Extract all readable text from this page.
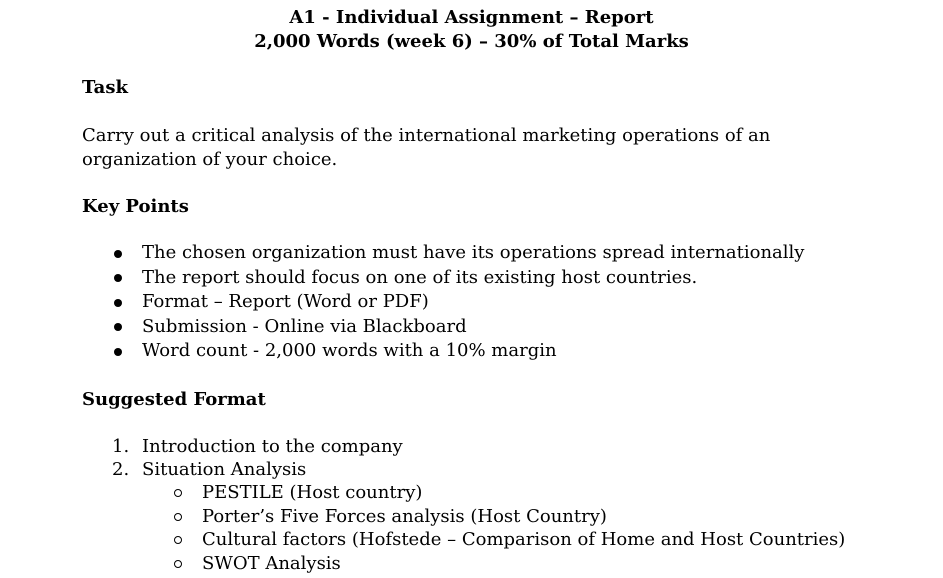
A1 - Individual Assignment – Report
2,000 Words (week 6) – 30% of Total Marks
Task
Carry out a critical analysis of the international marketing operations of an organization of your choice.
Key Points
The chosen organization must have its operations spread internationally
The report should focus on one of its existing host countries.
Format – Report (Word or PDF)
Submission - Online via Blackboard
Word count - 2,000 words with a 10% margin
Suggested Format
1. Introduction to the company
2. Situation Analysis
PESTILE (Host country)
Porter’s Five Forces analysis (Host Country)
Cultural factors (Hofstede – Comparison of Home and Host Countries)
SWOT Analysis
